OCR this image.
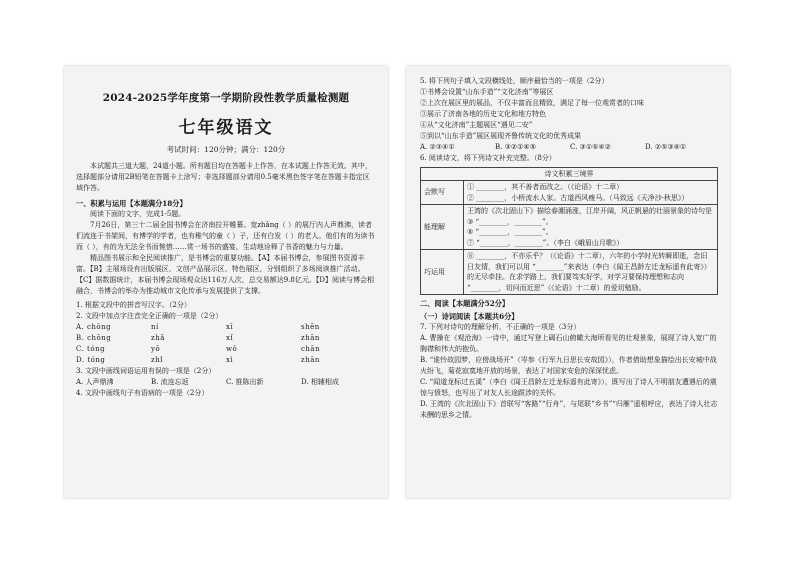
2024-2025学年度第一学期阶段性教学质量检测题
七年级语文
考试时间：120分钟；满分：120分

本试题共三道大题，24道小题。所有题目均在答题卡上作答，在本试题上作答无效。其中，选择题部分请用2B铅笔在答题卡上涂写；非选择题部分请用0.5毫米黑色签字笔在答题卡指定区域作答。

一、积累与运用【本题满分18分】

阅读下面的文字，完成1-5题。

7月26日，第三十二届全国书博会在济南拉开帷幕。宽zhǎng（ ）的展厅内人声鼎沸，读者们流连于书架间，有博学的学者，也有稚气的童（ ）子，还有白发（ ）的老人。他们有的为读书而（ ），有的为无法全书而惋惜……赏一场书的盛宴，生动地诠释了书香的魅力与力量。

精品图书展示和全民阅读推广，是书博会的重要功能。【A】本届书博会，参展图书资源丰富。【B】主展场设有出版展区、文创产品展示区、特色展区，分别组织了多场阅读推广活动。【C】据数据统计，本届书博会现场观众达116万人次，总交易额达9.8亿元。【D】阅读与博会相融合，书博会的举办为推动城市文化传承与发展提供了支撑。

1. 根据文段中的拼音写汉字。（2分）

2. 文段中加点字注音完全正确的一项是（2分）

A. chōng	ní	xī	shēn
B. chōng	zhǎ	xǐ	zhān
C. tóng	yǒ	wǒ	chān
D. tóng	zhǐ	xì	zhān

3. 文段中画线词语运用有误的一项是（2分）

A. 人声鼎沸	B. 流连忘返	C. 推陈出新	D. 相辅相成

4. 文段中画线句子有语病的一项是（2分）

5. 将下列句子填入文段横线处，顺序最恰当的一项是（2分）

①书博会设置“山东手造”“文化济南”等展区

②上次在展区里的展品，不仅丰富而且精致，满足了每一位观赏者的口味

③展示了济南各地的历史文化和地方特色

④从“文化济南”主题展区“遇见二安”

⑤到以“山东手造”展区展现齐鲁传统文化的优秀成果

A. ②③④①	B. ③②①④⑤	C. ③①⑤④②	D. ②⑤③④①

6. 阅读诗文，将下列诗文补充完整。（8分）

诗文积累三境界	
会默写	① ________，其不善者而改之。（《论语》十二章）
② ________，小桥流水人家。古道西风瘦马。（马致远《天净沙·秋思》）

能理解	王湾的《次北固山下》描绘春潮涌涨，江岸开阔，风正帆悬的壮丽景象的诗句是
③ “________，________”。
⑤ “________，________”。
⑦ “________，________”。（李白《峨眉山月歌》）

巧运用	⑧ ________，不亦乐乎？（《论语》十二章），六年的小学时光转瞬即逝，念旧日友情，我们可以用 “________”来表达（李白《闻王昌龄左迁龙标遥有此寄》）的无尽牵挂。在求学路上，我们要笃实好学，对学习要保持理想和志向 “________，切问而近思”（《论语》十二章）的爱切勉励。

二、阅读【本题满分52分】

（一）诗词阅读【本题共6分】

7. 下列对诗句的理解分析，不正确的一项是（3分）

A. 曹操在《观沧海》一诗中，通过写登上碣石山俯瞰大海所看见的壮观景象，展现了诗人宽广的胸襟和伟大的抱负。

B. “谁怜故园梦，应傍战场开”（岑参《行军九日思长安故园》），作者借助想象描绘出长安城中战火纷飞，菊花寂寞地开放的场景，表达了对国家安危的深深忧虑。

C. “闻道龙标过五溪”（李白《闻王昌龄左迁龙标遥有此寄》），既写出了诗人不明朋友遭遇后的震惊与愤怒，也写出了对友人长途跋涉的关怀。

D. 王湾的《次北固山下》首联写“客路”“行舟”，与尾联“乡书”“归雁”遥相呼应，表达了诗人壮志未酬的思乡之情。
